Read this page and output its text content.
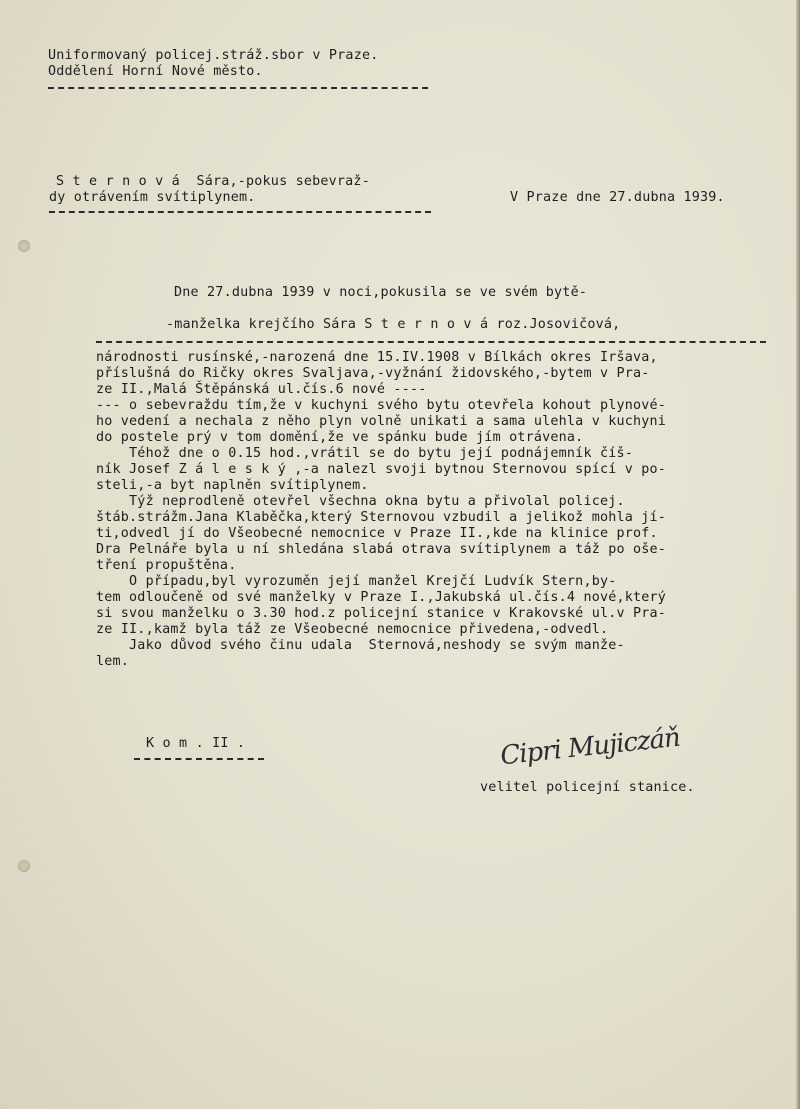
Uniformovaný policej.stráž.sbor v Praze.
Oddělení Horní Nové město.
S t e r n o v á  Sára,-pokus sebevraž-
dy otrávením svítiplynem.	V Praze dne 27.dubna 1939.
Dne 27.dubna 1939 v noci,pokusila se ve svém bytě-
-manželka krejčího Sára S t e r n o v á roz.Josovičová,
národnosti rusínské,-narozená dne 15.IV.1908 v Bílkách okres Iršava,
příslušná do Ričky okres Svaljava,-vyžnání židovského,-bytem v Pra-
ze II.,Malá Štěpánská ul.čís.6 nové ----
--- o sebevraždu tím,že v kuchyni svého bytu otevřela kohout plynové-
ho vedení a nechala z něho plyn volně unikati a sama ulehla v kuchyni
do postele prý v tom domění,že ve spánku bude jím otrávena.
Téhož dne o 0.15 hod.,vrátil se do bytu její podnájemník číš-
ník Josef Z á l e s k ý ,-a nalezl svoji bytnou Sternovou spící v po-
steli,-a byt naplněn svítiplynem.
Týž neprodleně otevřel všechna okna bytu a přivolal policej.
štáb.strážm.Jana Klaběčka,který Sternovou vzbudil a jelikož mohla jí-
ti,odvedl jí do Všeobecné nemocnice v Praze II.,kde na klinice prof.
Dra Pelnáře byla u ní shledána slabá otrava svítiplynem a táž po oše-
tření propuštěna.
O případu,byl vyrozuměn její manžel Krejčí Ludvík Stern,by-
tem odloučeně od své manželky v Praze I.,Jakubská ul.čís.4 nové,který
si svou manželku o 3.30 hod.z policejní stanice v Krakovské ul.v Pra-
ze II.,kamž byla táž ze Všeobecné nemocnice přivedena,-odvedl.
Jako důvod svého činu udala  Sternová,neshody se svým manže-
lem.
K o m . II .	Cipri Mujiczáň
velitel policejní stanice.
